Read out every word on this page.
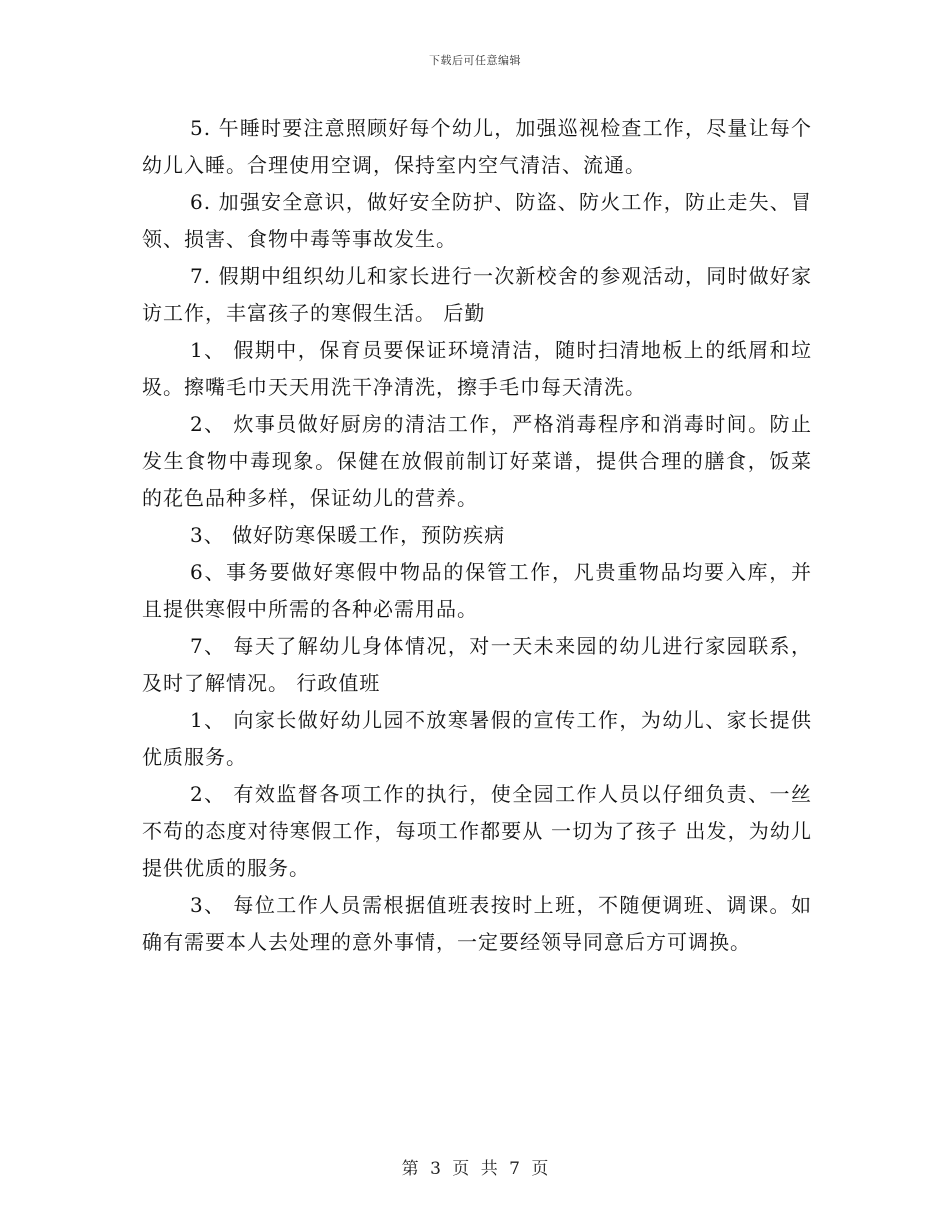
下载后可任意编辑

5. 午睡时要注意照顾好每个幼儿，加强巡视检查工作，尽量让每个幼儿入睡。合理使用空调，保持室内空气清洁、流通。

6. 加强安全意识，做好安全防护、防盗、防火工作，防止走失、冒领、损害、食物中毒等事故发生。

7. 假期中组织幼儿和家长进行一次新校舍的参观活动，同时做好家访工作，丰富孩子的寒假生活。 后勤

1、 假期中，保育员要保证环境清洁，随时扫清地板上的纸屑和垃圾。擦嘴毛巾天天用洗干净清洗，擦手毛巾每天清洗。

2、 炊事员做好厨房的清洁工作，严格消毒程序和消毒时间。防止发生食物中毒现象。保健在放假前制订好菜谱，提供合理的膳食，饭菜的花色品种多样，保证幼儿的营养。

3、 做好防寒保暖工作，预防疾病

6、事务要做好寒假中物品的保管工作，凡贵重物品均要入库，并且提供寒假中所需的各种必需用品。

7、 每天了解幼儿身体情况，对一天未来园的幼儿进行家园联系，及时了解情况。 行政值班

1、 向家长做好幼儿园不放寒暑假的宣传工作，为幼儿、家长提供优质服务。

2、 有效监督各项工作的执行，使全园工作人员以仔细负责、一丝不苟的态度对待寒假工作，每项工作都要从 一切为了孩子 出发，为幼儿提供优质的服务。

3、 每位工作人员需根据值班表按时上班，不随便调班、调课。如确有需要本人去处理的意外事情，一定要经领导同意后方可调换。

第 3 页 共 7 页
